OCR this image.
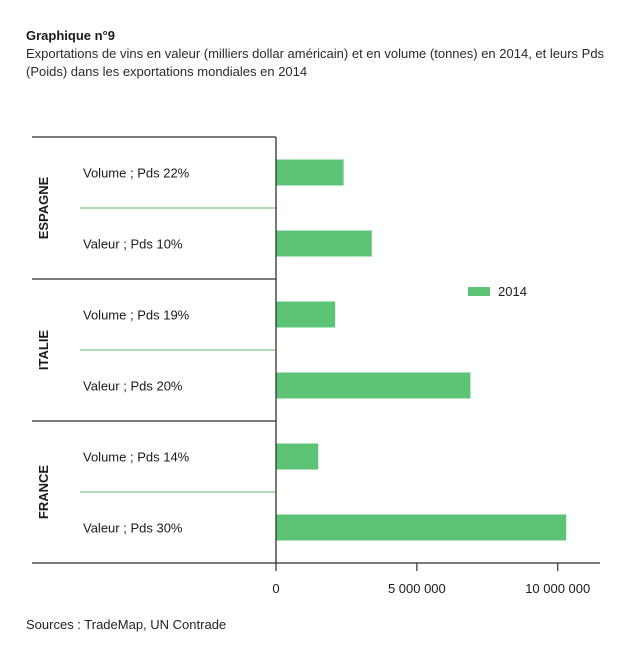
Graphique n°9
Exportations de vins en valeur (milliers dollar américain) et en volume (tonnes) en 2014, et leurs Pds (Poids) dans les exportations mondiales en 2014
ESPAGNE
ITALIE
FRANCE
Volume ; Pds 22%
Valeur ; Pds 10%
Volume ; Pds 19%
Valeur ; Pds 20%
Volume ; Pds 14%
Valeur ; Pds 30%
0	5 000 000	10 000 000
2014
Sources : TradeMap, UN Contrade
